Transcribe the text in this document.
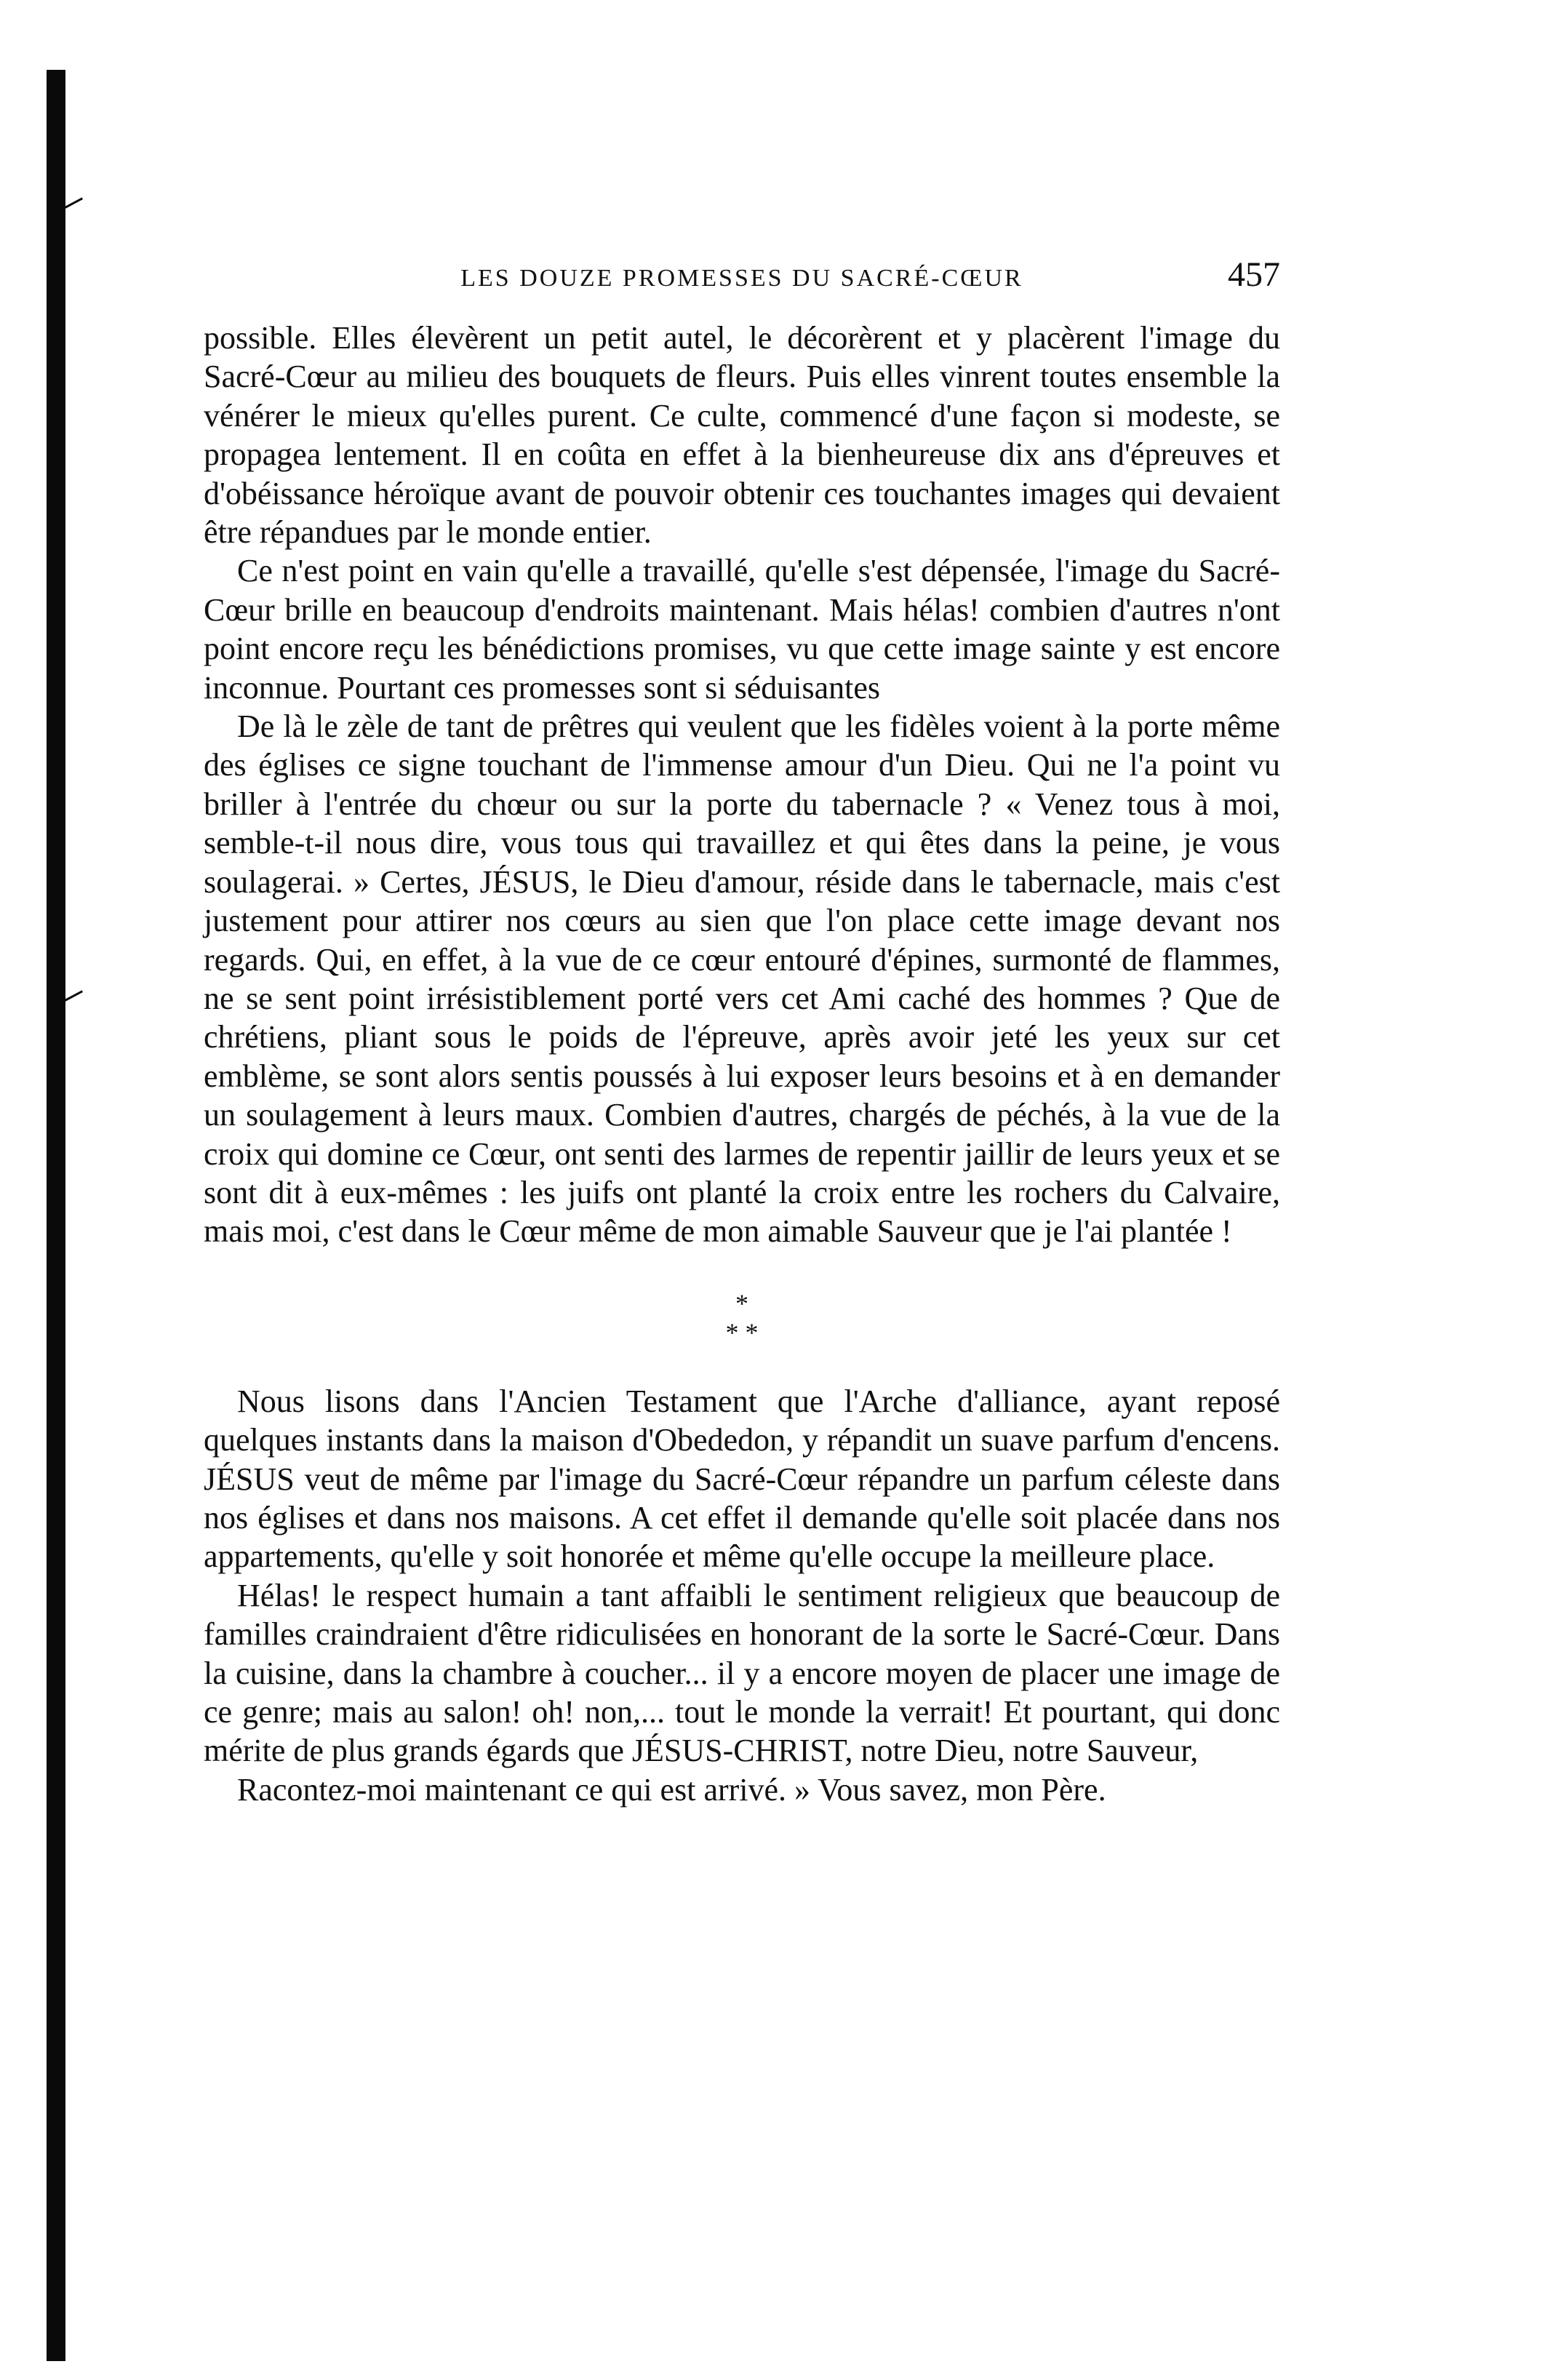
LES DOUZE PROMESSES DU SACRÉ-CŒUR	457

possible. Elles élevèrent un petit autel, le décorèrent et y placèrent l'image du Sacré-Cœur au milieu des bouquets de fleurs. Puis elles vinrent toutes ensemble la vénérer le mieux qu'elles purent. Ce culte, commencé d'une façon si modeste, se propagea lentement. Il en coûta en effet à la bienheureuse dix ans d'épreuves et d'obéissance héroïque avant de pouvoir obtenir ces touchantes images qui devaient être répandues par le monde entier.

Ce n'est point en vain qu'elle a travaillé, qu'elle s'est dépensée, l'image du Sacré-Cœur brille en beaucoup d'endroits maintenant. Mais hélas! combien d'autres n'ont point encore reçu les bénédictions promises, vu que cette image sainte y est encore inconnue. Pourtant ces promesses sont si séduisantes

De là le zèle de tant de prêtres qui veulent que les fidèles voient à la porte même des églises ce signe touchant de l'immense amour d'un Dieu. Qui ne l'a point vu briller à l'entrée du chœur ou sur la porte du tabernacle ? « Venez tous à moi, semble-t-il nous dire, vous tous qui travaillez et qui êtes dans la peine, je vous soulagerai. » Certes, JÉSUS, le Dieu d'amour, réside dans le tabernacle, mais c'est justement pour attirer nos cœurs au sien que l'on place cette image devant nos regards. Qui, en effet, à la vue de ce cœur entouré d'épines, surmonté de flammes, ne se sent point irrésistiblement porté vers cet Ami caché des hommes ? Que de chrétiens, pliant sous le poids de l'épreuve, après avoir jeté les yeux sur cet emblème, se sont alors sentis poussés à lui exposer leurs besoins et à en demander un soulagement à leurs maux. Combien d'autres, chargés de péchés, à la vue de la croix qui domine ce Cœur, ont senti des larmes de repentir jaillir de leurs yeux et se sont dit à eux-mêmes : les juifs ont planté la croix entre les rochers du Calvaire, mais moi, c'est dans le Cœur même de mon aimable Sauveur que je l'ai plantée !

*
* *

Nous lisons dans l'Ancien Testament que l'Arche d'alliance, ayant reposé quelques instants dans la maison d'Obededon, y répandit un suave parfum d'encens. JÉSUS veut de même par l'image du Sacré-Cœur répandre un parfum céleste dans nos églises et dans nos maisons. A cet effet il demande qu'elle soit placée dans nos appartements, qu'elle y soit honorée et même qu'elle occupe la meilleure place.

Hélas! le respect humain a tant affaibli le sentiment religieux que beaucoup de familles craindraient d'être ridiculisées en honorant de la sorte le Sacré-Cœur. Dans la cuisine, dans la chambre à coucher... il y a encore moyen de placer une image de ce genre; mais au salon! oh! non,... tout le monde la verrait! Et pourtant, qui donc mérite de plus grands égards que JÉSUS-CHRIST, notre Dieu, notre Sauveur,

Racontez-moi maintenant ce qui est arrivé. » Vous savez, mon Père.
